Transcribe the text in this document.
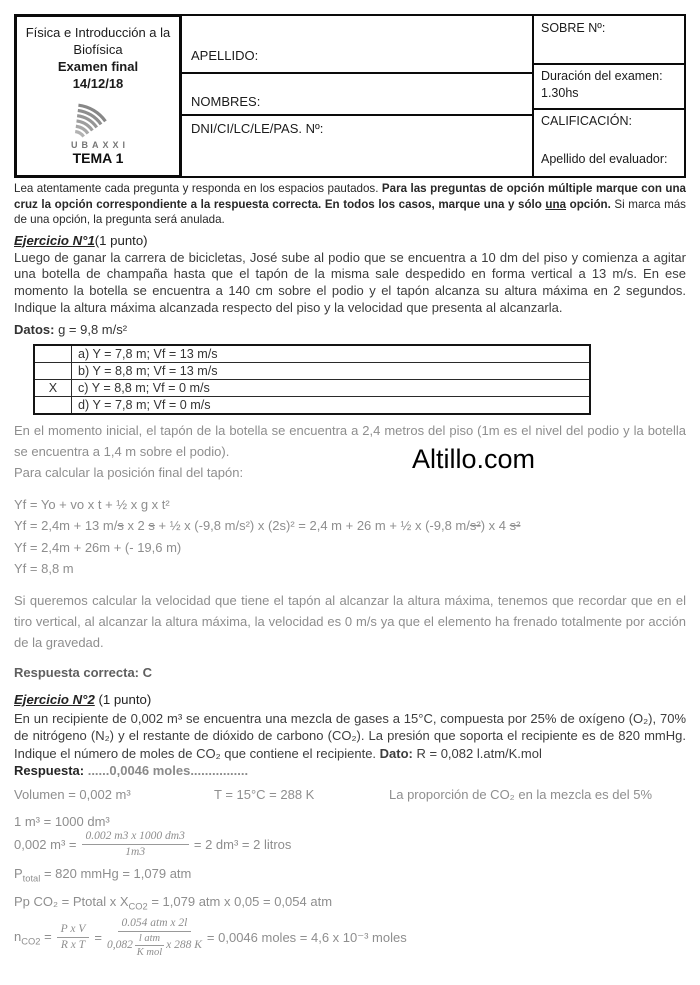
Física e Introducción a la
Biofísica
Examen final
14/12/18
UBAXXI
TEMA 1
APELLIDO:
NOMBRES:
DNI/CI/LC/LE/PAS. Nº:
SOBRE Nº:
Duración del examen:
1.30hs
CALIFICACIÓN:
Apellido del evaluador:
Lea atentamente cada pregunta y responda en los espacios pautados. Para las preguntas de opción múltiple marque con una cruz la opción correspondiente a la respuesta correcta. En todos los casos, marque una y sólo una opción. Si marca más de una opción, la pregunta será anulada.
Ejercicio N°1(1 punto)
Luego de ganar la carrera de bicicletas, José sube al podio que se encuentra a 10 dm del piso y comienza a agitar una botella de champaña hasta que el tapón de la misma sale despedido en forma vertical a 13 m/s. En ese momento la botella se encuentra a 140 cm sobre el podio y el tapón alcanza su altura máxima en 2 segundos. Indique la altura máxima alcanzada respecto del piso y la velocidad que presenta al alcanzarla.
Datos: g = 9,8 m/s²
	a) Y = 7,8 m; Vf = 13 m/s
	b) Y = 8,8 m; Vf = 13 m/s
X	c) Y = 8,8 m; Vf = 0 m/s
	d) Y = 7,8 m; Vf = 0 m/s
En el momento inicial, el tapón de la botella se encuentra a 2,4 metros del piso (1m es el nivel del podio y la botella se encuentra a 1,4 m sobre el podio).
Para calcular la posición final del tapón:
Yf = Yo + vo x t + ½ x g x t²
Yf = 2,4m + 13 m/s x 2 s + ½ x (-9,8 m/s²) x (2s)² = 2,4 m + 26 m + ½ x (-9,8 m/s²) x 4 s²
Yf = 2,4m + 26m + (- 19,6 m)
Yf = 8,8 m
Si queremos calcular la velocidad que tiene el tapón al alcanzar la altura máxima, tenemos que recordar que en el tiro vertical, al alcanzar la altura máxima, la velocidad es 0 m/s ya que el elemento ha frenado totalmente por acción de la gravedad.
Respuesta correcta: C
Ejercicio N°2 (1 punto)
En un recipiente de 0,002 m³ se encuentra una mezcla de gases a 15°C, compuesta por 25% de oxígeno (O₂), 70% de nitrógeno (N₂) y el restante de dióxido de carbono (CO₂). La presión que soporta el recipiente es de 820 mmHg. Indique el número de moles de CO₂ que contiene el recipiente. Dato: R = 0,082 l.atm/K.mol
Respuesta: ......0,0046 moles................
Volumen = 0,002 m³	T = 15°C = 288 K	La proporción de CO₂ en la mezcla es del 5%
1 m³ = 1000 dm³
0,002 $m^3 = \frac{0.002 m3 x 1000 dm3}{1m3} = 2$ dm³ = 2 litros
$P_{total} = 820$ mmHg = 1,079 atm
Pp CO₂ = Ptotal x $X_{CO2} = 1,079$ atm x 0,05 = 0,054 atm
$n_{CO2} = \frac{\text{P x V}}{\text{R x T}}$ =
0.054 atm x 2l
$0,082 \frac{\text{l atm}}{\text{K mol}}$ x 288 K
= 0,0046 moles = 4,6 x 10⁻³ moles
Altillo.com
